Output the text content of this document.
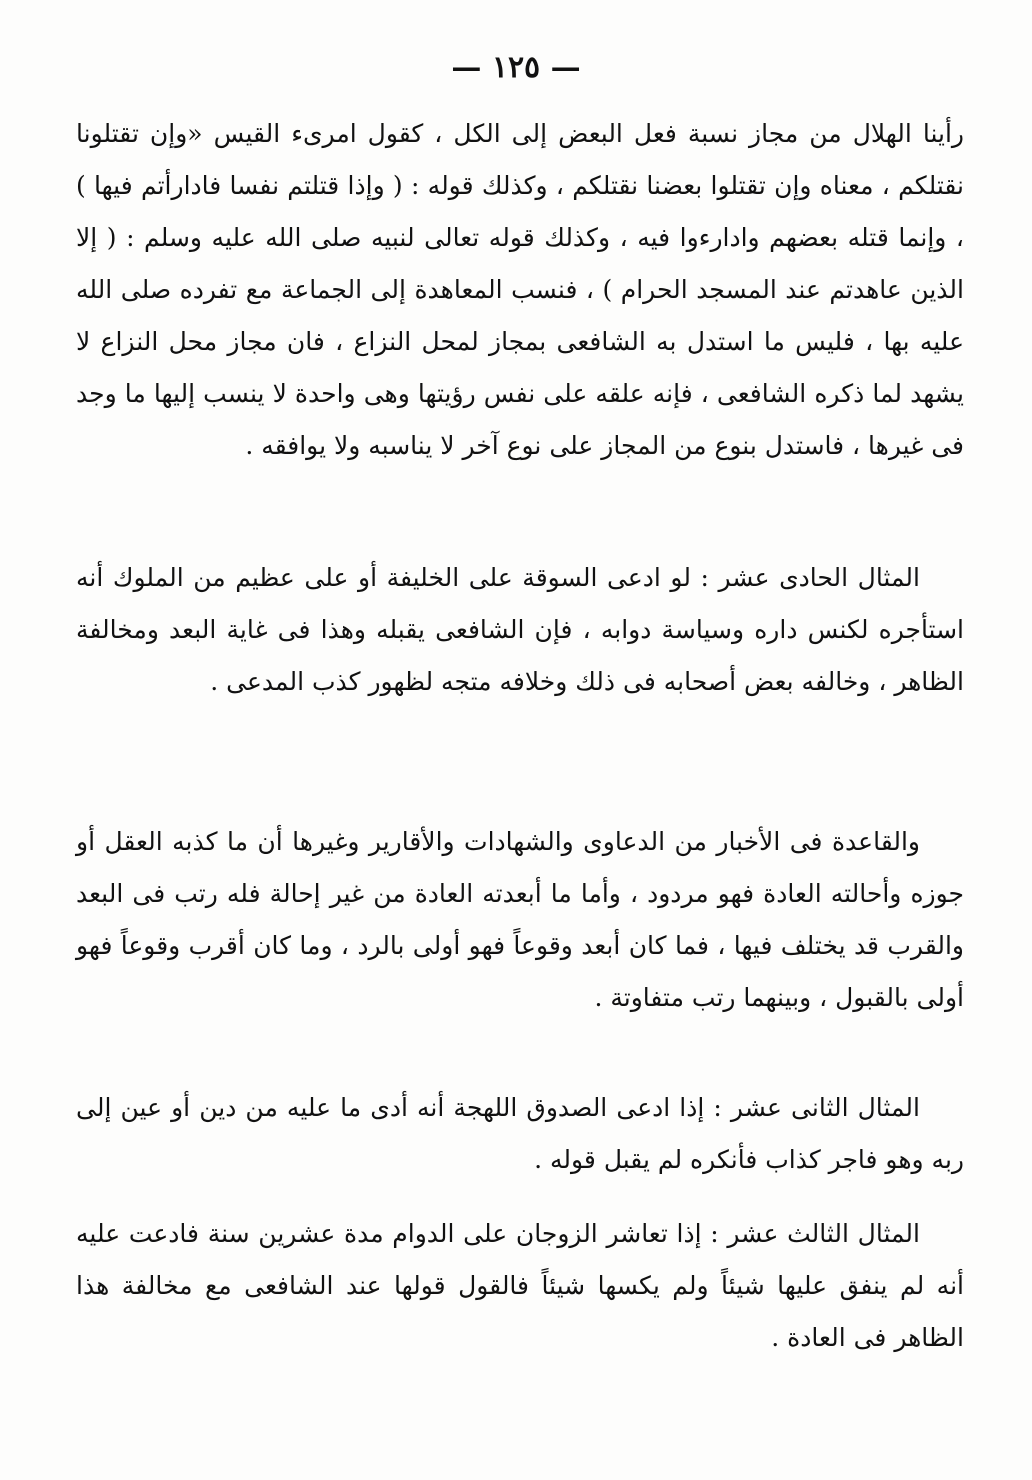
— ١٢٥ —

رأينا الهلال من مجاز نسبة فعل البعض إلى الكل ، كقول امرىء القيس «وإن تقتلونا نقتلكم ، معناه وإن تقتلوا بعضنا نقتلكم ، وكذلك قوله : ( وإذا قتلتم نفسا فادارأتم فيها ) ، وإنما قتله بعضهم وادارءوا فيه ، وكذلك قوله تعالى لنبيه صلى الله عليه وسلم : ( إلا الذين عاهدتم عند المسجد الحرام ) ، فنسب المعاهدة إلى الجماعة مع تفرده صلى الله عليه بها ، فليس ما استدل به الشافعى بمجاز لمحل النزاع ، فان مجاز محل النزاع لا يشهد لما ذكره الشافعى ، فإنه علقه على نفس رؤيتها وهى واحدة لا ينسب إليها ما وجد فى غيرها ، فاستدل بنوع من المجاز على نوع آخر لا يناسبه ولا يوافقه .

المثال الحادى عشر : لو ادعى السوقة على الخليفة أو على عظيم من الملوك أنه استأجره لكنس داره وسياسة دوابه ، فإن الشافعى يقبله وهذا فى غاية البعد ومخالفة الظاهر ، وخالفه بعض أصحابه فى ذلك وخلافه متجه لظهور كذب المدعى .

والقاعدة فى الأخبار من الدعاوى والشهادات والأقارير وغيرها أن ما كذبه العقل أو جوزه وأحالته العادة فهو مردود ، وأما ما أبعدته العادة من غير إحالة فله رتب فى البعد والقرب قد يختلف فيها ، فما كان أبعد وقوعاً فهو أولى بالرد ، وما كان أقرب وقوعاً فهو أولى بالقبول ، وبينهما رتب متفاوتة .

المثال الثانى عشر : إذا ادعى الصدوق اللهجة أنه أدى ما عليه من دين أو عين إلى ربه وهو فاجر كذاب فأنكره لم يقبل قوله .

المثال الثالث عشر : إذا تعاشر الزوجان على الدوام مدة عشرين سنة فادعت عليه أنه لم ينفق عليها شيئاً ولم يكسها شيئاً فالقول قولها عند الشافعى مع مخالفة هذا الظاهر فى العادة .
